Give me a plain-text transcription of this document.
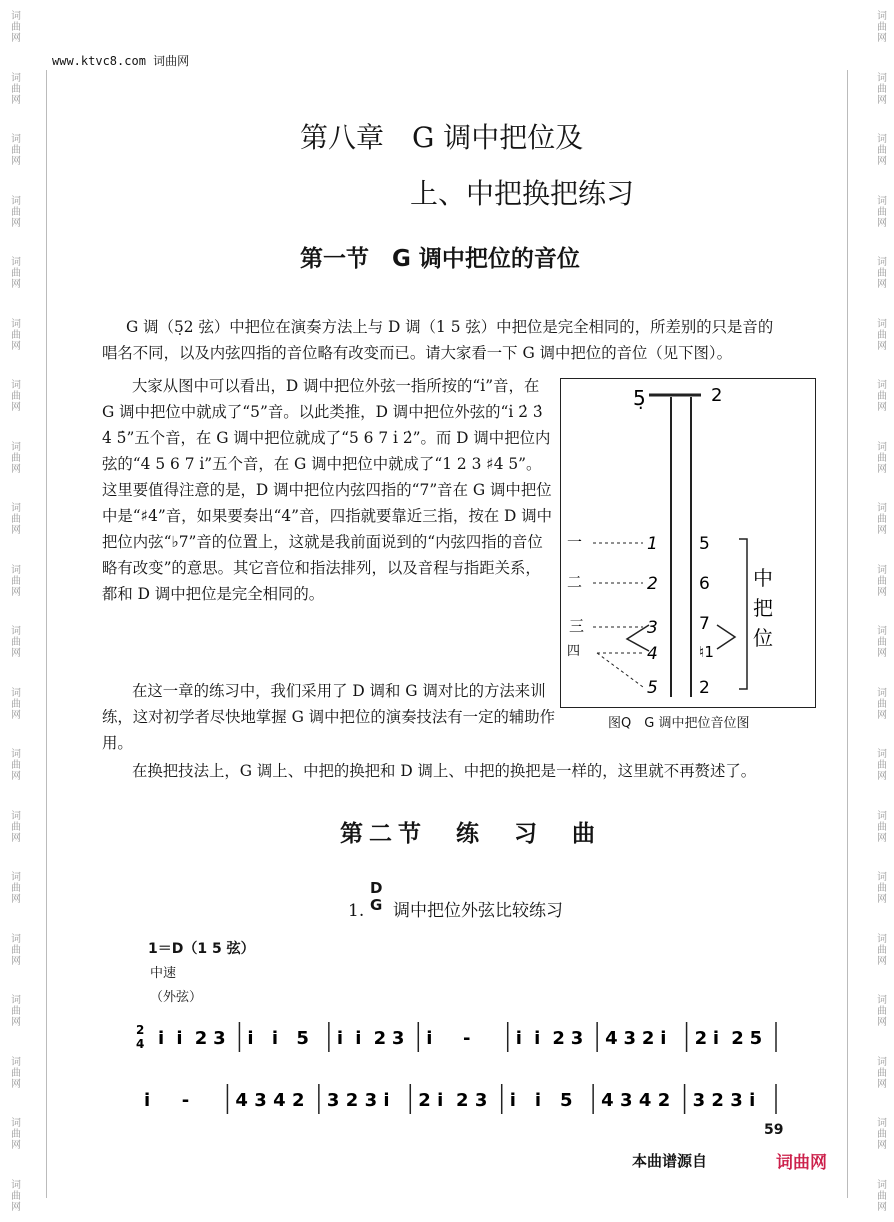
词曲网
词曲网
词曲网
词曲网
词曲网
词曲网
词曲网
词曲网
词曲网
词曲网
词曲网
词曲网
词曲网
词曲网
词曲网
词曲网
词曲网
词曲网
词曲网
词曲网
词曲网
词曲网
词曲网
词曲网
词曲网
词曲网
词曲网
词曲网
词曲网
词曲网
词曲网
词曲网
词曲网
词曲网
词曲网
词曲网
词曲网
词曲网
词曲网
词曲网
www.ktvc8.com 词曲网
第八章　G 调中把位及
上、中把换把练习
第一节　G 调中把位的音位
G 调（5̣2 弦）中把位在演奏方法上与 D 调（1 5 弦）中把位是完全相同的，所差别的只是音的
唱名不同，以及内弦四指的音位略有改变而已。请大家看一下 G 调中把位的音位（见下图）。
大家从图中可以看出，D 调中把位外弦一指所按的“i̇”音，在 G 调中把位中就成了“5”音。以此类推，D 调中把位外弦的“i̇ 2̇ 3̇ 4̇ 5̇”五个音，在 G 调中把位就成了“5 6 7 i̇ 2̇”。而 D 调中把位内弦的“4 5 6 7 i̇”五个音，在 G 调中把位中就成了“1 2 3 ♯4 5”。这里要值得注意的是，D 调中把位内弦四指的“7”音在 G 调中把位中是“♯4”音，如果要奏出“4”音，四指就要靠近三指，按在 D 调中把位内弦“♭7”音的位置上，这就是我前面说到的“内弦四指的音位略有改变”的意思。其它音位和指法排列，以及音程与指距关系，都和 D 调中把位是完全相同的。
在这一章的练习中，我们采用了 D 调和 G 调对比的方法来训练，这对初学者尽快地掌握 G 调中把位的演奏技法有一定的辅助作用。
在换把技法上，G 调上、中把的换把和 D 调上、中把的换把是一样的，这里就不再赘述了。
5̣	2
一
二
三
四
1
2
3
4
5
5
6
7
♮1
2
中
把
位
图Q　G 调中把位音位图
第二节　练　习　曲
1. 调中把位外弦比较练习
D
G
1＝D（1 5 弦）
中速
（外弦）
2
4 i i 2 3 i i 5 i i 2 3 i -	i i 2 3 4 3 2 i 2 i 2 5
i -	4 3 4 2 3 2 3 i 2 i 2 3 i i 5 4 3 4 2 3 2 3 i
59
本曲谱源自	词曲网
